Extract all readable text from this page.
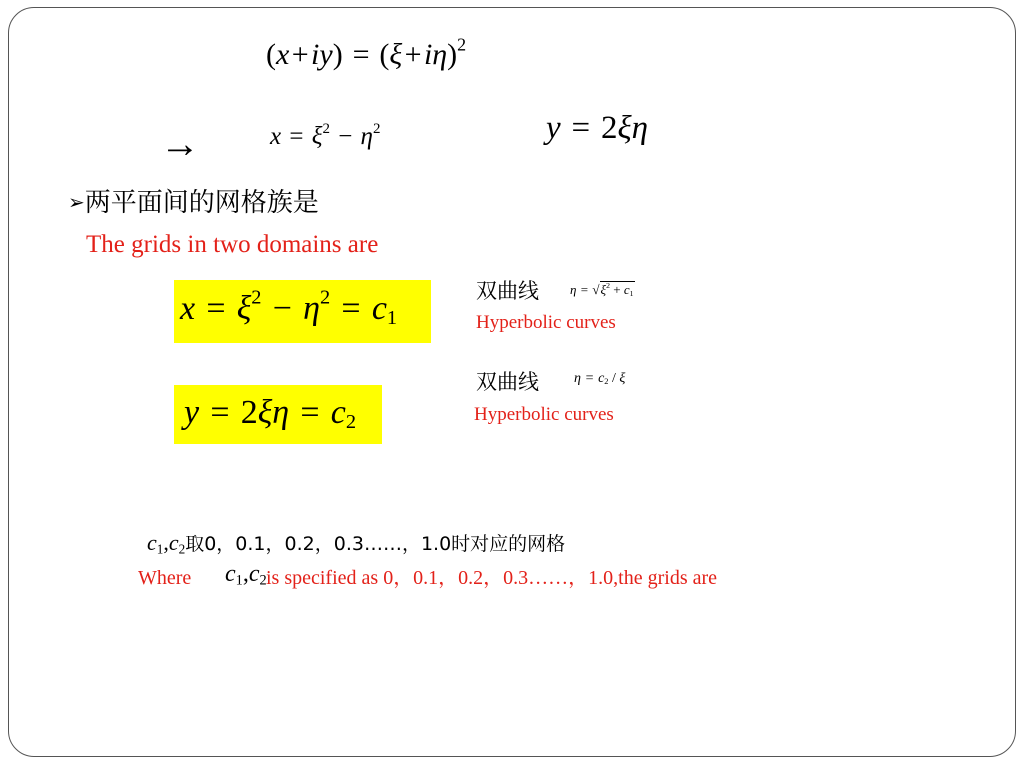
$(x+iy) = (\xi+i\eta)^2$
→	$x = \xi^2 - \eta^2$	y = 2ξη
➢两平面间的网格族是
The grids in two domains are
$x = \xi^2 - \eta^2 = c_1$
双曲线 $\eta = √\xi^2 + c_1$
Hyperbolic curves
$y = 2\xi\eta = c_2$
双曲线	$\eta = c_2 / \xi$
Hyperbolic curves
$c_1,c_2$取0，0.1，0.2，0.3……，1.0时对应的网格
Where $c_1,c_2$ is specified as 0，0.1，0.2，0.3……，1.0,the grids are
